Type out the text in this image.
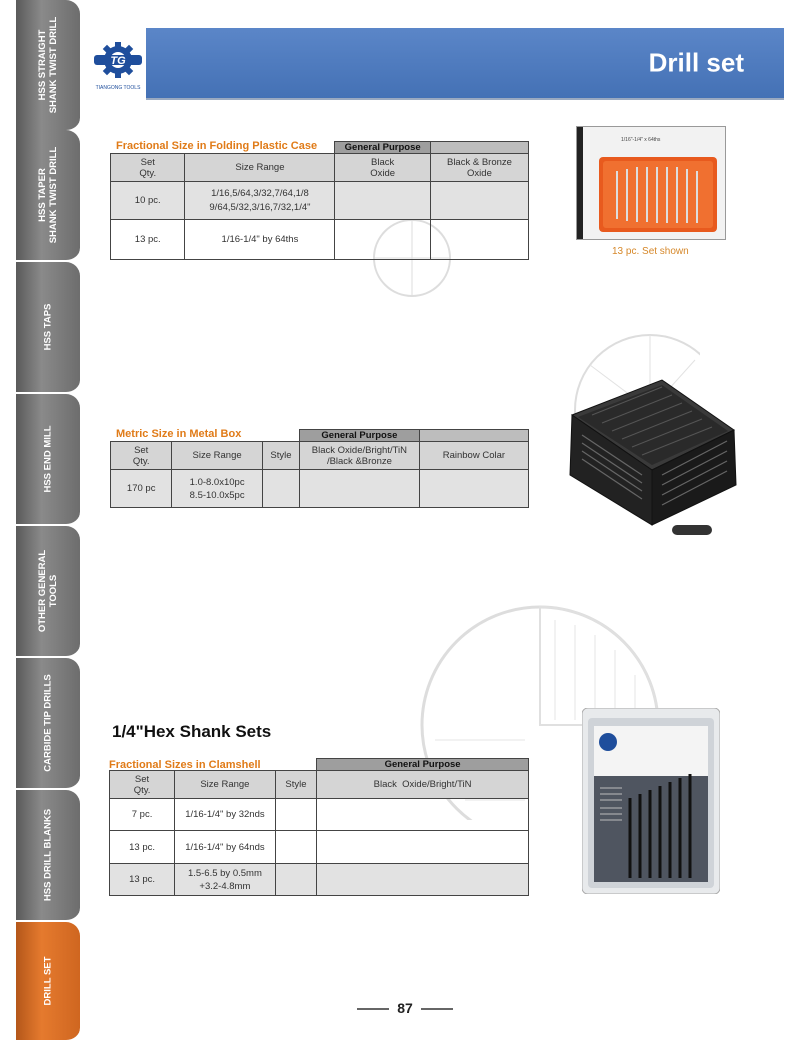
HSS STRAIGHT
SHANK TWIST DRILL
HSS TAPER
SHANK TWIST DRILL
HSS TAPS
HSS END MILL
OTHER GENERAL
TOOLS
CARBIDE TIP DRILLS
HSS DRILL BLANKS
DRILL SET
TG
TIANGONG TOOLS
Drill set
Fractional Size in Folding Plastic Case
			General Purpose	
Set
Qty.	Size Range	Black
Oxide	Black & Bronze
Oxide
10 pc.	1/16,5/64,3/32,7/64,1/8
9/64,5/32,3/16,7/32,1/4"		
13 pc.	1/16-1/4" by 64ths		
1/16"-1/4" x 64ths
13 pc. Set shown
Metric Size in Metal Box
				General Purpose	
Set
Qty.	Size Range	Style	Black Oxide/Bright/TiN
/Black &Bronze	Rainbow Colar
170 pc	1.0-8.0x10pc
8.5-10.0x5pc			
1/4"Hex Shank Sets
Fractional Sizes in Clamshell
				General Purpose
Set
Qty.	Size Range	Style	Black  Oxide/Bright/TiN
7 pc.	1/16-1/4" by 32nds		
13 pc.	1/16-1/4" by 64nds		
13 pc.	1.5-6.5 by 0.5mm
+3.2-4.8mm		
87
